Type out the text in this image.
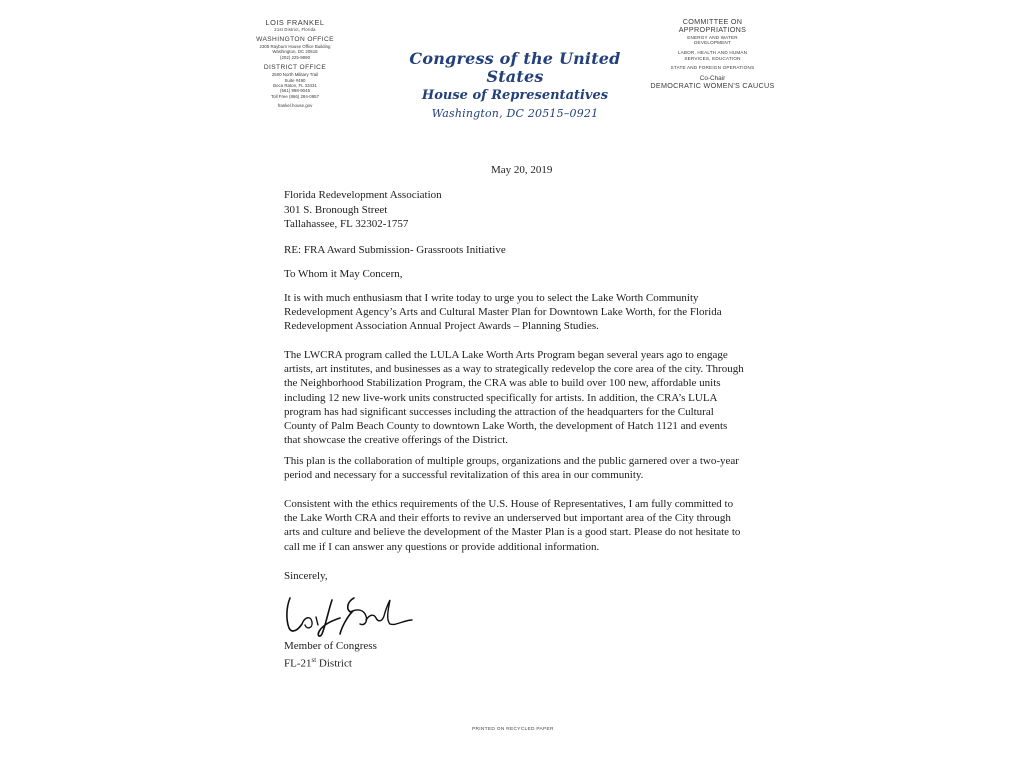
LOIS FRANKEL
21st District, Florida
WASHINGTON OFFICE
2305 Rayburn House Office Building
Washington, DC 20515
(202) 225-9890
DISTRICT OFFICE
2500 North Military Trail
Suite #490
Boca Raton, FL 33431
(561) 998-9045
Toll Free (866) 284-0957
frankel.house.gov
Congress of the United States
House of Representatives
Washington, DC 20515–0921
COMMITTEE ON
APPROPRIATIONS
ENERGY AND WATER
DEVELOPMENT
LABOR, HEALTH AND HUMAN
SERVICES, EDUCATION
STATE AND FOREIGN OPERATIONS
Co-Chair
DEMOCRATIC WOMEN'S CAUCUS
May 20, 2019
Florida Redevelopment Association
301 S. Bronough Street
Tallahassee, FL 32302-1757
RE: FRA Award Submission- Grassroots Initiative
To Whom it May Concern,

It is with much enthusiasm that I write today to urge you to select the Lake Worth Community Redevelopment Agency’s Arts and Cultural Master Plan for Downtown Lake Worth, for the Florida Redevelopment Association Annual Project Awards – Planning Studies.

The LWCRA program called the LULA Lake Worth Arts Program began several years ago to engage artists, art institutes, and businesses as a way to strategically redevelop the core area of the city. Through the Neighborhood Stabilization Program, the CRA was able to build over 100 new, affordable units including 12 new live-work units constructed specifically for artists. In addition, the CRA’s LULA program has had significant successes including the attraction of the headquarters for the Cultural County of Palm Beach County to downtown Lake Worth, the development of Hatch 1121 and events that showcase the creative offerings of the District.

This plan is the collaboration of multiple groups, organizations and the public garnered over a two-year period and necessary for a successful revitalization of this area in our community.

Consistent with the ethics requirements of the U.S. House of Representatives, I am fully committed to the Lake Worth CRA and their efforts to revive an underserved but important area of the City through arts and culture and believe the development of the Master Plan is a good start. Please do not hesitate to call me if I can answer any questions or provide additional information.

Sincerely,
Member of Congress
FL-21st District
PRINTED ON RECYCLED PAPER
